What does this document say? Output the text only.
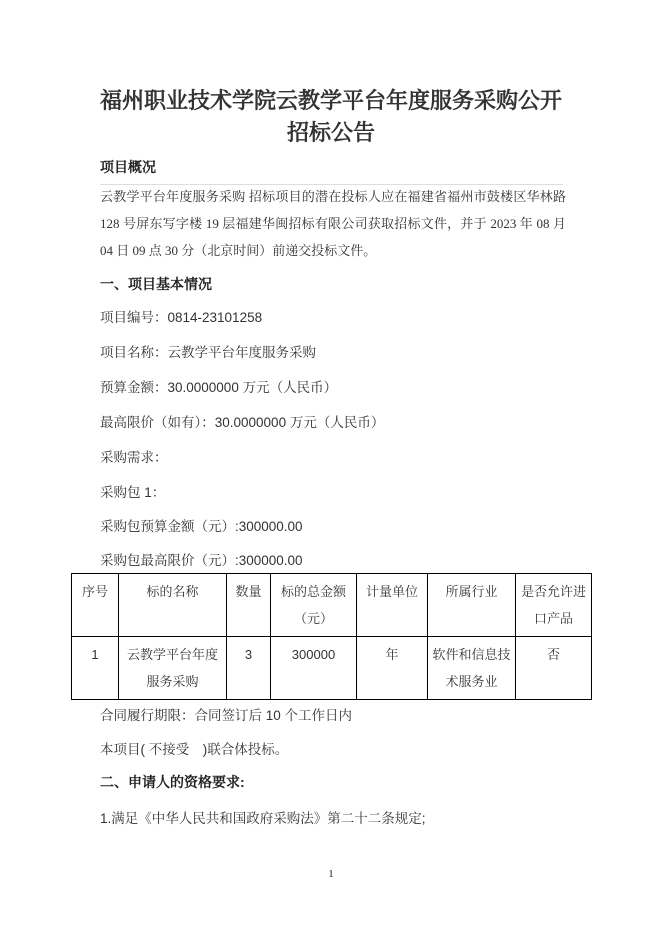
福州职业技术学院云教学平台年度服务采购公开
招标公告
项目概况
云教学平台年度服务采购 招标项目的潜在投标人应在福建省福州市鼓楼区华林路 128 号屏东写字楼 19 层福建华闽招标有限公司获取招标文件，并于 2023 年 08 月 04 日 09 点 30 分（北京时间）前递交投标文件。
一、项目基本情况
项目编号：0814-23101258
项目名称：云教学平台年度服务采购
预算金额：30.0000000 万元（人民币）
最高限价（如有）：30.0000000 万元（人民币）
采购需求：
采购包 1：
采购包预算金额（元）:300000.00
采购包最高限价（元）:300000.00
序号	标的名称	数量	标的总金额（元）	计量单位	所属行业	是否允许进口产品
1	云教学平台年度服务采购	3	300000	年	软件和信息技术服务业	否
合同履行期限：合同签订后 10 个工作日内
本项目( 不接受　)联合体投标。
二、申请人的资格要求:
1.满足《中华人民共和国政府采购法》第二十二条规定;
1
